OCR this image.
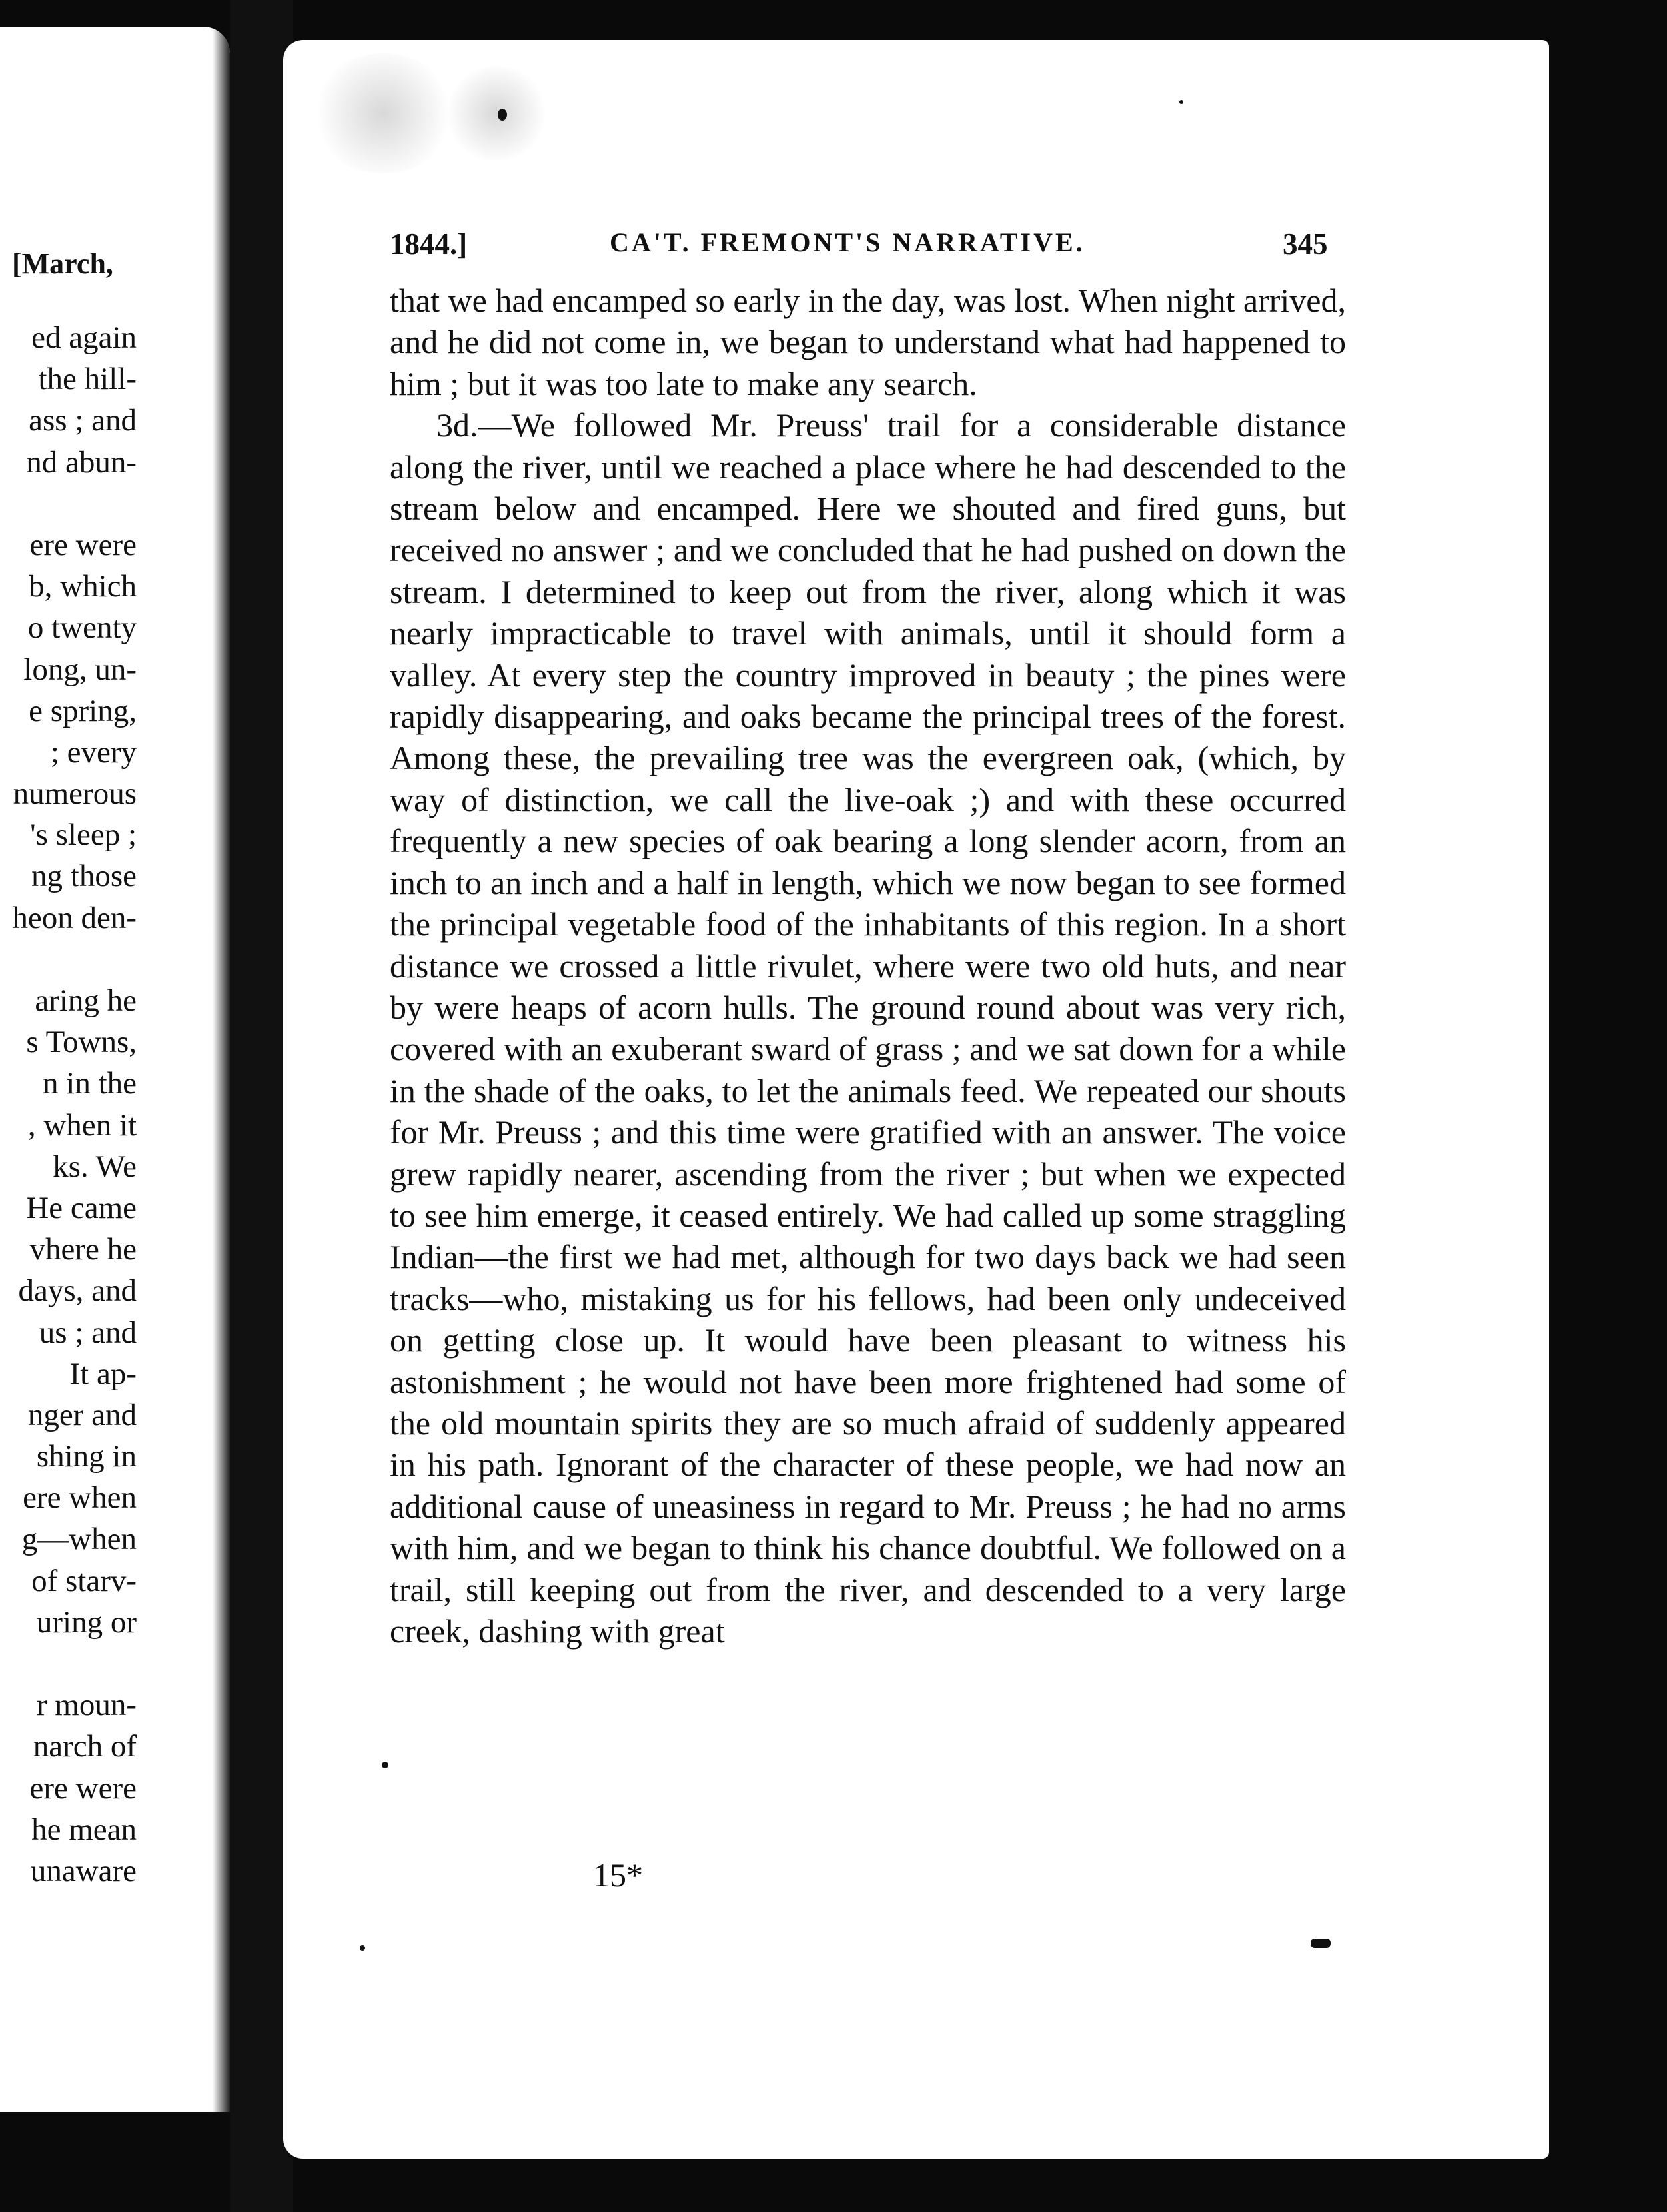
[March,
ed again
the hill-
ass ; and
nd abun-
ere were
b, which
o twenty
long, un-
e spring,
; every
numerous
's sleep ;
ng those
heon den-
aring he
s Towns,
n in the
, when it
ks. We
He came
vhere he
days, and
us ; and
It ap-
nger and
shing in
ere when
g—when
of starv-
uring or
r moun-
narch of
ere were
he mean
unaware
1844.]	CA'T. FREMONT'S NARRATIVE.	345

that we had encamped so early in the day, was lost. When night arrived, and he did not come in, we began to understand what had happened to him ; but it was too late to make any search.

3d.—We followed Mr. Preuss' trail for a considerable distance along the river, until we reached a place where he had descended to the stream below and encamped. Here we shouted and fired guns, but received no answer ; and we concluded that he had pushed on down the stream. I determined to keep out from the river, along which it was nearly impracticable to travel with animals, until it should form a valley. At every step the country improved in beauty ; the pines were rapidly disappearing, and oaks became the principal trees of the forest. Among these, the prevailing tree was the evergreen oak, (which, by way of distinction, we call the live-oak ;) and with these occurred frequently a new species of oak bearing a long slender acorn, from an inch to an inch and a half in length, which we now began to see formed the principal vegetable food of the inhabitants of this region. In a short distance we crossed a little rivulet, where were two old huts, and near by were heaps of acorn hulls. The ground round about was very rich, covered with an exuberant sward of grass ; and we sat down for a while in the shade of the oaks, to let the animals feed. We repeated our shouts for Mr. Preuss ; and this time were gratified with an answer. The voice grew rapidly nearer, ascending from the river ; but when we expected to see him emerge, it ceased entirely. We had called up some straggling Indian—the first we had met, although for two days back we had seen tracks—who, mistaking us for his fellows, had been only undeceived on getting close up. It would have been pleasant to witness his astonishment ; he would not have been more frightened had some of the old mountain spirits they are so much afraid of suddenly appeared in his path. Ignorant of the character of these people, we had now an additional cause of uneasiness in regard to Mr. Preuss ; he had no arms with him, and we began to think his chance doubtful. We followed on a trail, still keeping out from the river, and descended to a very large creek, dashing with great

15*
